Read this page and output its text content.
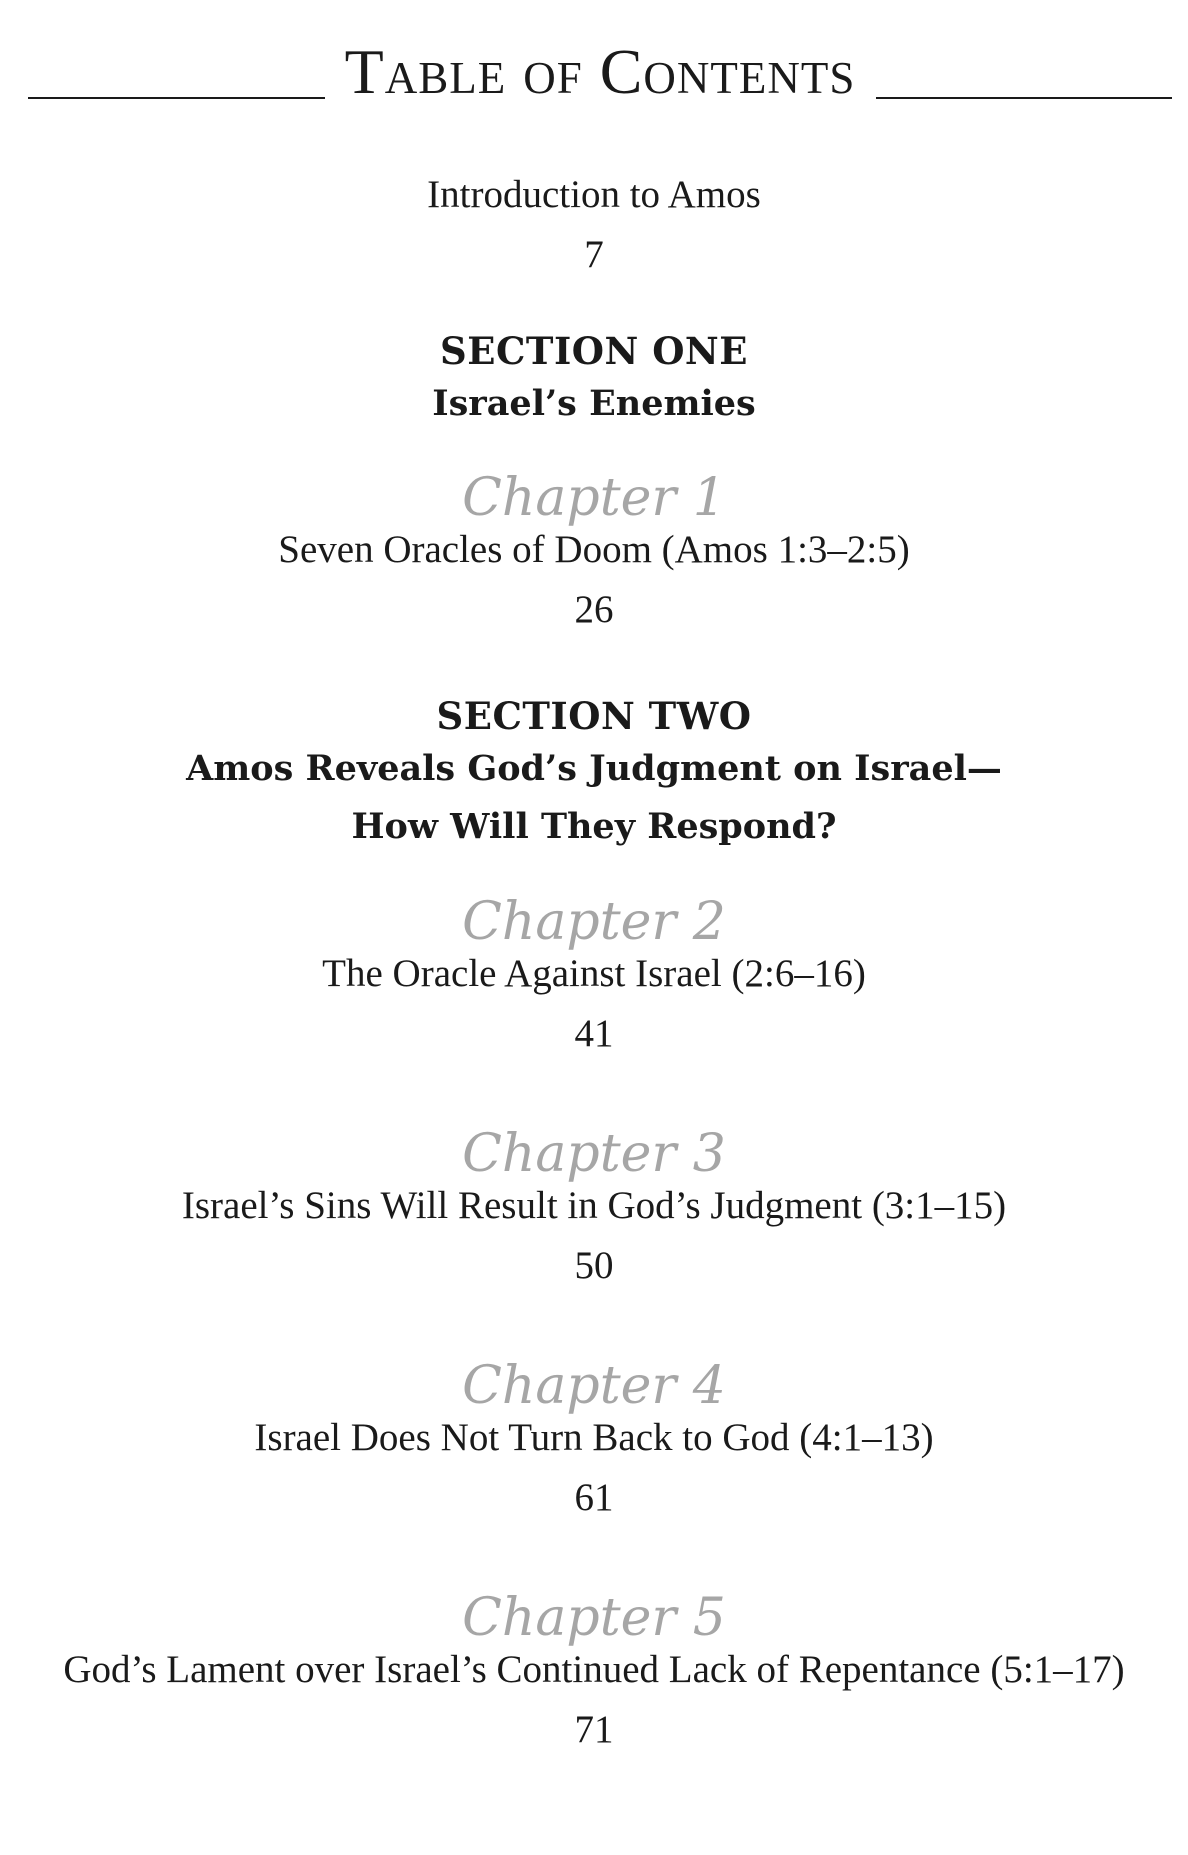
Table of Contents
Introduction to Amos
7
SECTION ONE
Israel’s Enemies
Chapter 1
Seven Oracles of Doom (Amos 1:3–2:5)
26
SECTION TWO
Amos Reveals God’s Judgment on Israel—
How Will They Respond?
Chapter 2
The Oracle Against Israel (2:6–16)
41
Chapter 3
Israel’s Sins Will Result in God’s Judgment (3:1–15)
50
Chapter 4
Israel Does Not Turn Back to God (4:1–13)
61
Chapter 5
God’s Lament over Israel’s Continued Lack of Repentance (5:1–17)
71
